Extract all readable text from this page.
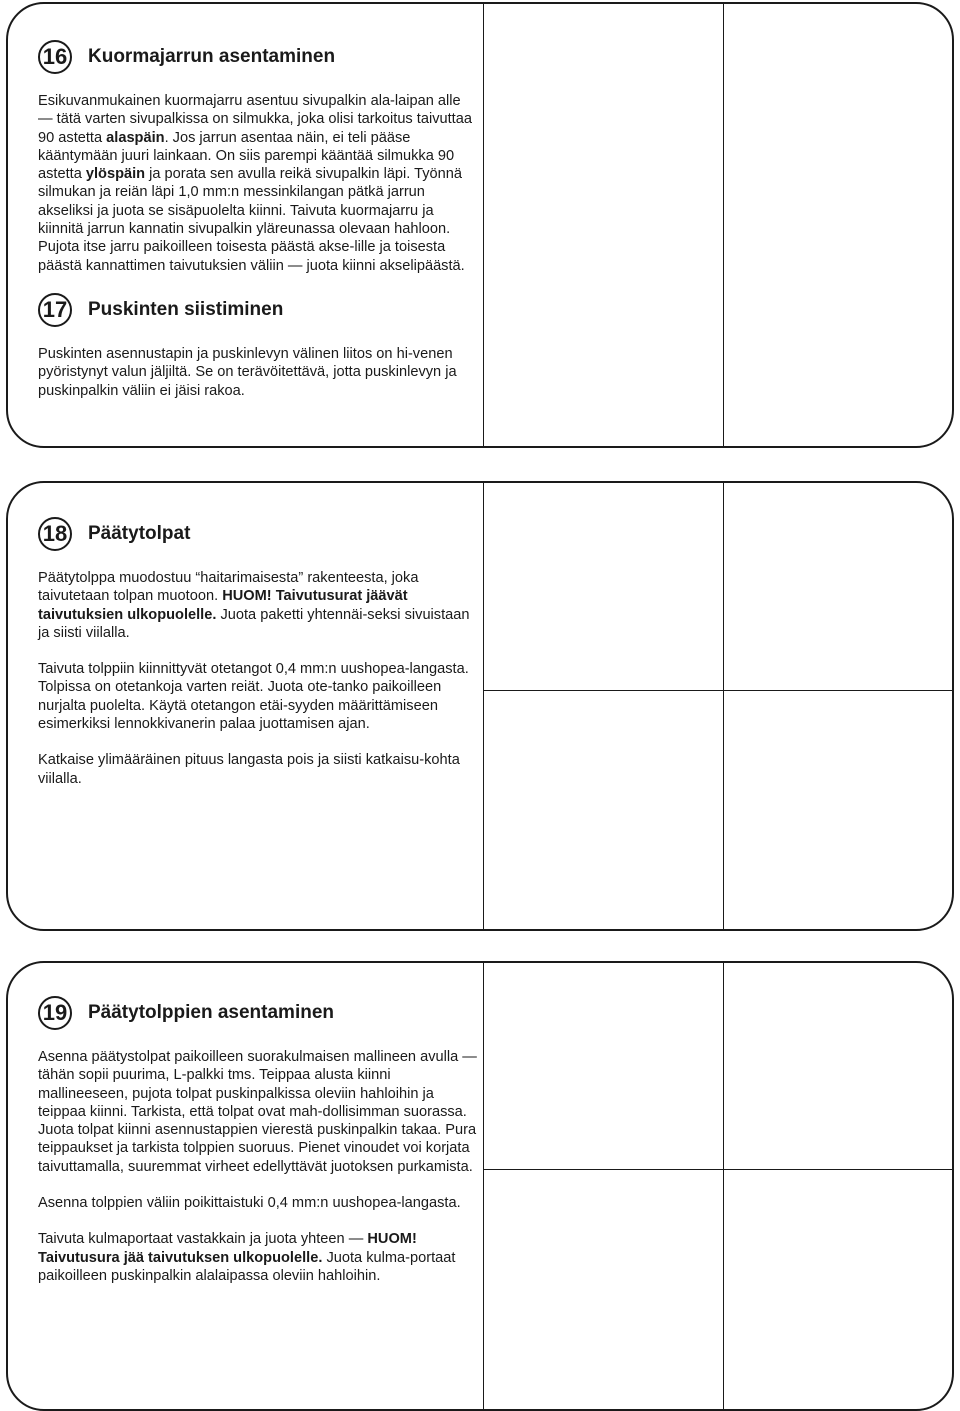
16 Kuormajarrun asentaminen

Esikuvanmukainen kuormajarru asentuu sivupalkin ala-laipan alle — tätä varten sivupalkissa on silmukka, joka olisi tarkoitus taivuttaa 90 astetta alaspäin. Jos jarrun asentaa näin, ei teli pääse kääntymään juuri lainkaan. On siis parempi kääntää silmukka 90 astetta ylöspäin ja porata sen avulla reikä sivupalkin läpi. Työnnä silmukan ja reiän läpi 1,0 mm:n messinkilangan pätkä jarrun akseliksi ja juota se sisäpuolelta kiinni. Taivuta kuormajarru ja kiinnitä jarrun kannatin sivupalkin yläreunassa olevaan hahloon. Pujota itse jarru paikoilleen toisesta päästä akse-lille ja toisesta päästä kannattimen taivutuksien väliin — juota kiinni akselipäästä.

17 Puskinten siistiminen

Puskinten asennustapin ja puskinlevyn välinen liitos on hi-venen pyöristynyt valun jäljiltä. Se on terävöitettävä, jotta puskinlevyn ja puskinpalkin väliin ei jäisi rakoa.

18 Päätytolpat

Päätytolppa muodostuu “haitarimaisesta” rakenteesta, joka taivutetaan tolpan muotoon. HUOM! Taivutusurat jäävät taivutuksien ulkopuolelle. Juota paketti yhtennäi-seksi sivuistaan ja siisti viilalla.

Taivuta tolppiin kiinnittyvät otetangot 0,4 mm:n uushopea-langasta. Tolpissa on otetankoja varten reiät. Juota ote-tanko paikoilleen nurjalta puolelta. Käytä otetangon etäi-syyden määrittämiseen esimerkiksi lennokkivanerin palaa juottamisen ajan.

Katkaise ylimääräinen pituus langasta pois ja siisti katkaisu-kohta viilalla.

19 Päätytolppien asentaminen

Asenna päätystolpat paikoilleen suorakulmaisen mallineen avulla — tähän sopii puurima, L-palkki tms. Teippaa alusta kiinni mallineeseen, pujota tolpat puskinpalkissa oleviin hahloihin ja teippaa kiinni. Tarkista, että tolpat ovat mah-dollisimman suorassa. Juota tolpat kiinni asennustappien vierestä puskinpalkin takaa. Pura teippaukset ja tarkista tolppien suoruus. Pienet vinoudet voi korjata taivuttamalla, suuremmat virheet edellyttävät juotoksen purkamista.

Asenna tolppien väliin poikittaistuki 0,4 mm:n uushopea-langasta.

Taivuta kulmaportaat vastakkain ja juota yhteen — HUOM! Taivutusura jää taivutuksen ulkopuolelle. Juota kulma-portaat paikoilleen puskinpalkin alalaipassa oleviin hahloihin.
